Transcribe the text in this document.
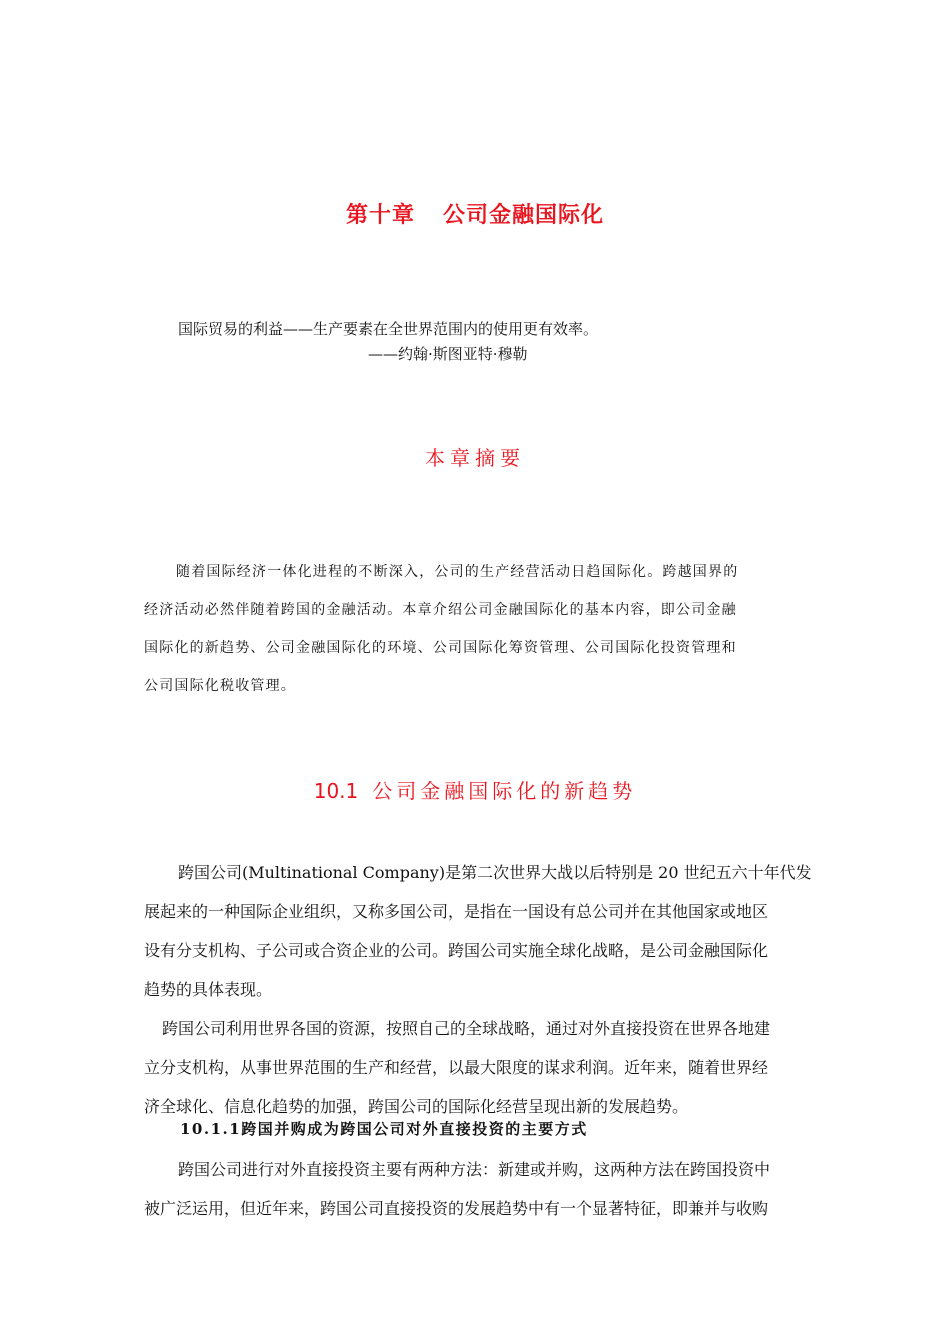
第十章 公司金融国际化
国际贸易的利益——生产要素在全世界范围内的使用更有效率。
——约翰·斯图亚特·穆勒
本章摘要
随着国际经济一体化进程的不断深入，公司的生产经营活动日趋国际化。跨越国界的
经济活动必然伴随着跨国的金融活动。本章介绍公司金融国际化的基本内容，即公司金融
国际化的新趋势、公司金融国际化的环境、公司国际化筹资管理、公司国际化投资管理和
公司国际化税收管理。
10.1 公司金融国际化的新趋势
跨国公司(Multinational Company)是第二次世界大战以后特别是 20 世纪五六十年代发
展起来的一种国际企业组织，又称多国公司，是指在一国设有总公司并在其他国家或地区
设有分支机构、子公司或合资企业的公司。跨国公司实施全球化战略，是公司金融国际化
趋势的具体表现。
跨国公司利用世界各国的资源，按照自己的全球战略，通过对外直接投资在世界各地建
立分支机构，从事世界范围的生产和经营，以最大限度的谋求利润。近年来，随着世界经
济全球化、信息化趋势的加强，跨国公司的国际化经营呈现出新的发展趋势。
10.1.1跨国并购成为跨国公司对外直接投资的主要方式
跨国公司进行对外直接投资主要有两种方法：新建或并购，这两种方法在跨国投资中
被广泛运用，但近年来，跨国公司直接投资的发展趋势中有一个显著特征，即兼并与收购
